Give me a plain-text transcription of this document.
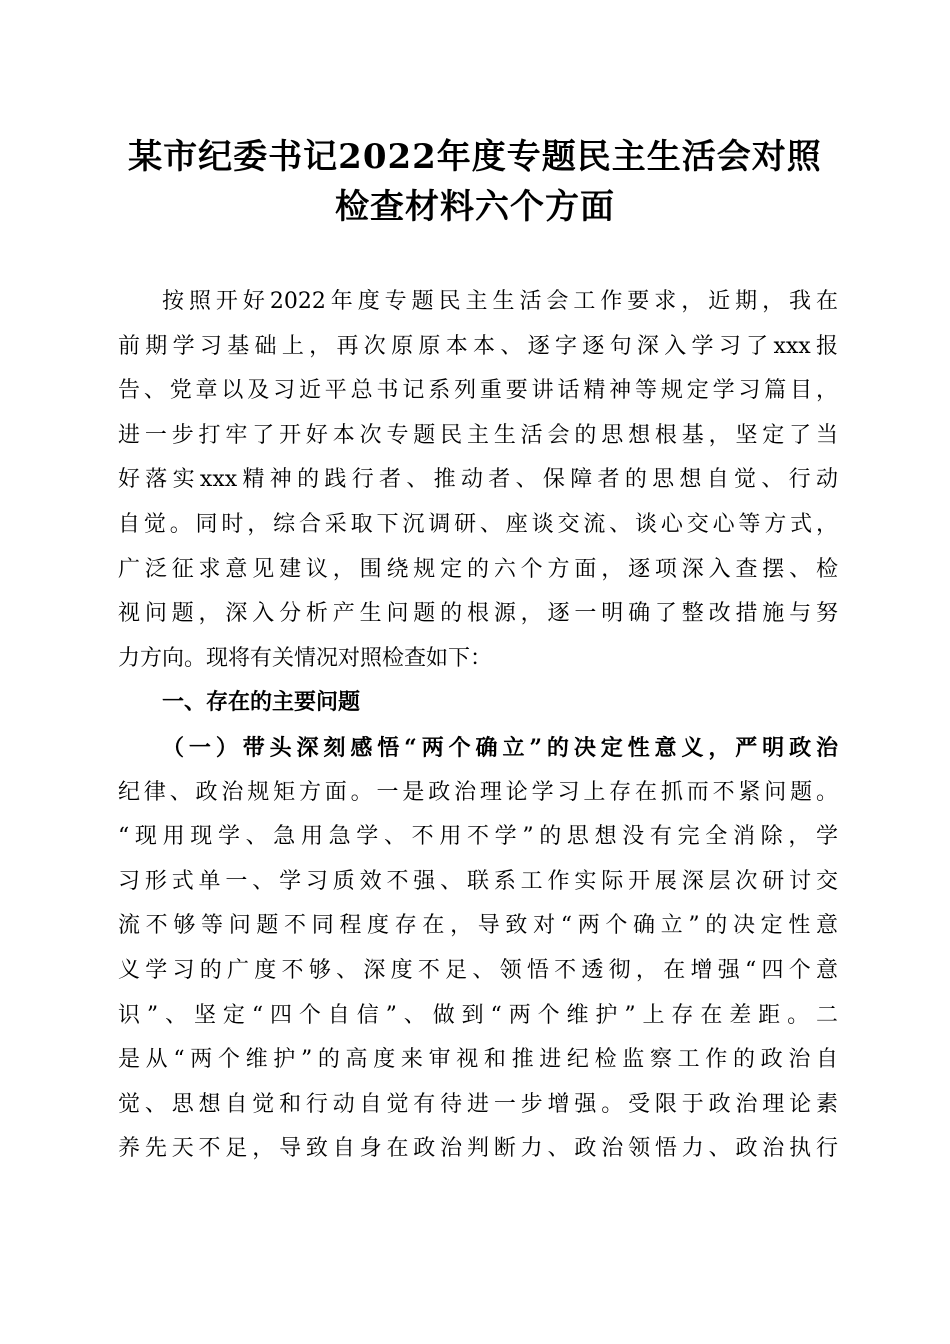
某市纪委书记2022年度专题民主生活会对照
检查材料六个方面
按照开好2022年度专题民主生活会工作要求，近期，我在
前期学习基础上，再次原原本本、逐字逐句深入学习了xxx报
告、党章以及习近平总书记系列重要讲话精神等规定学习篇目，
进一步打牢了开好本次专题民主生活会的思想根基，坚定了当
好落实xxx精神的践行者、推动者、保障者的思想自觉、行动
自觉。同时，综合采取下沉调研、座谈交流、谈心交心等方式，
广泛征求意见建议，围绕规定的六个方面，逐项深入查摆、检
视问题，深入分析产生问题的根源，逐一明确了整改措施与努
力方向。现将有关情况对照检查如下：
一、存在的主要问题
（一）带头深刻感悟“两个确立”的决定性意义，严明政治
纪律、政治规矩方面。一是政治理论学习上存在抓而不紧问题。
“现用现学、急用急学、不用不学”的思想没有完全消除，学
习形式单一、学习质效不强、联系工作实际开展深层次研讨交
流不够等问题不同程度存在，导致对“两个确立”的决定性意
义学习的广度不够、深度不足、领悟不透彻，在增强“四个意
识”、坚定“四个自信”、做到“两个维护”上存在差距。二
是从“两个维护”的高度来审视和推进纪检监察工作的政治自
觉、思想自觉和行动自觉有待进一步增强。受限于政治理论素
养先天不足，导致自身在政治判断力、政治领悟力、政治执行
